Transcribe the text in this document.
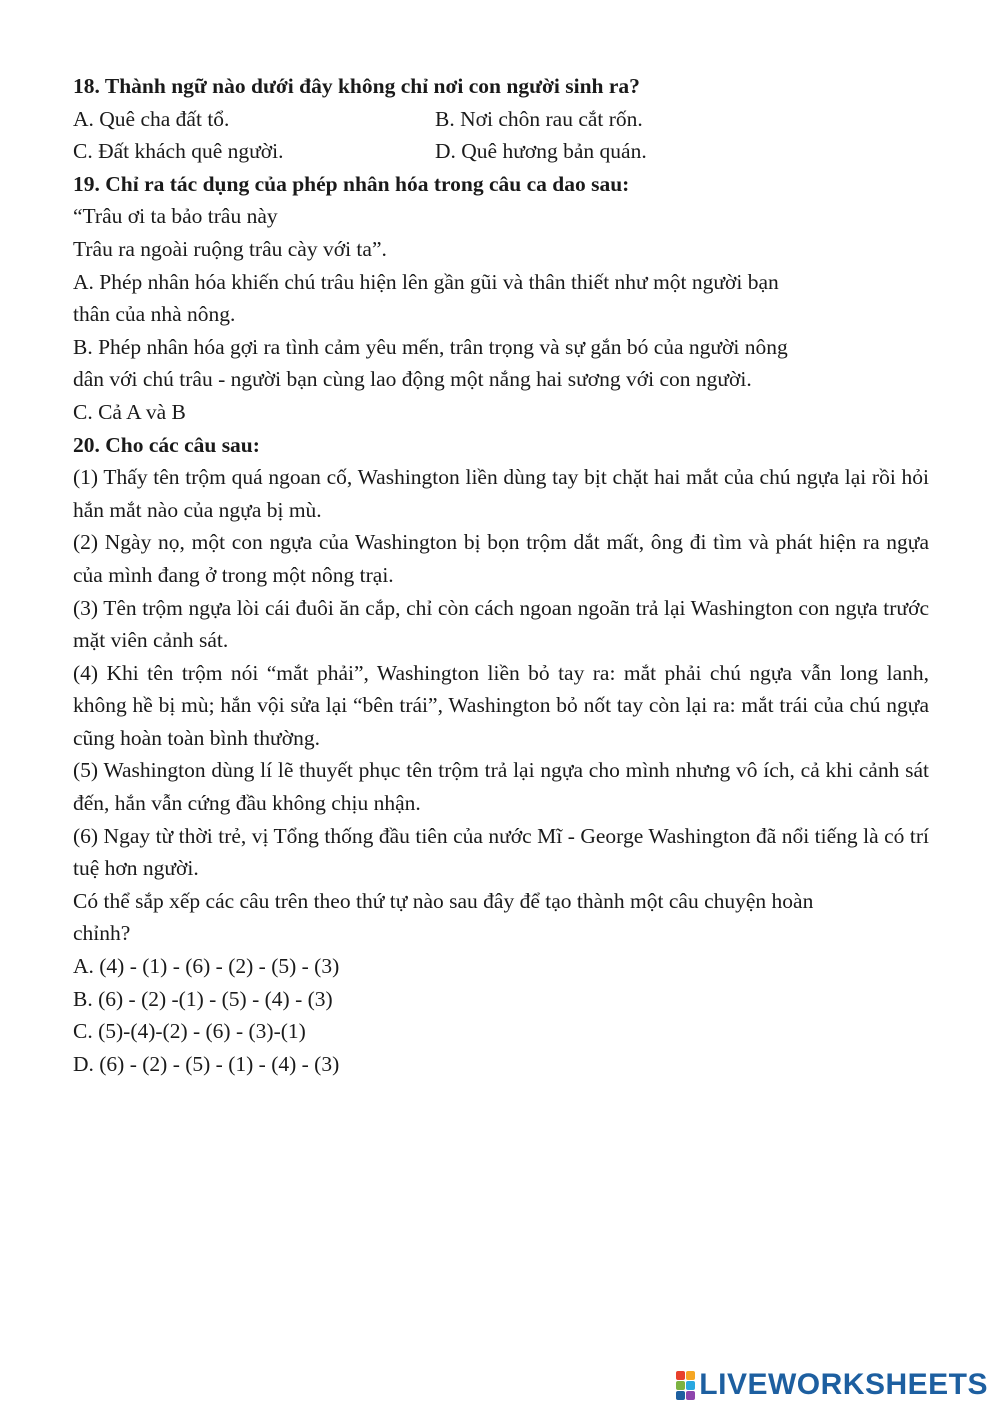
18. Thành ngữ nào dưới đây không chỉ nơi con người sinh ra?

A. Quê cha đất tổ.	B. Nơi chôn rau cắt rốn.

C. Đất khách quê người.	D. Quê hương bản quán.

19. Chỉ ra tác dụng của phép nhân hóa trong câu ca dao sau:

“Trâu ơi ta bảo trâu này

Trâu ra ngoài ruộng trâu cày với ta”.

A. Phép nhân hóa khiến chú trâu hiện lên gần gũi và thân thiết như một người bạn

thân của nhà nông.

B. Phép nhân hóa gợi ra tình cảm yêu mến, trân trọng và sự gắn bó của người nông

dân với chú trâu - người bạn cùng lao động một nắng hai sương với con người.

C. Cả A và B

20. Cho các câu sau:

(1) Thấy tên trộm quá ngoan cố, Washington liền dùng tay bịt chặt hai mắt của chú ngựa lại rồi hỏi hắn mắt nào của ngựa bị mù.

(2) Ngày nọ, một con ngựa của Washington bị bọn trộm dắt mất, ông đi tìm và phát hiện ra ngựa của mình đang ở trong một nông trại.

(3) Tên trộm ngựa lòi cái đuôi ăn cắp, chỉ còn cách ngoan ngoãn trả lại Washington con ngựa trước mặt viên cảnh sát.

(4) Khi tên trộm nói “mắt phải”, Washington liền bỏ tay ra: mắt phải chú ngựa vẫn long lanh, không hề bị mù; hắn vội sửa lại “bên trái”, Washington bỏ nốt tay còn lại ra: mắt trái của chú ngựa cũng hoàn toàn bình thường.

(5) Washington dùng lí lẽ thuyết phục tên trộm trả lại ngựa cho mình nhưng vô ích, cả khi cảnh sát đến, hắn vẫn cứng đầu không chịu nhận.

(6) Ngay từ thời trẻ, vị Tổng thống đầu tiên của nước Mĩ - George Washington đã nổi tiếng là có trí tuệ hơn người.

Có thể sắp xếp các câu trên theo thứ tự nào sau đây để tạo thành một câu chuyện hoàn

chỉnh?

A. (4) - (1) - (6) - (2) - (5) - (3)

B. (6) - (2) -(1) - (5) - (4) - (3)

C. (5)-(4)-(2) - (6) - (3)-(1)

D. (6) - (2) - (5) - (1) - (4) - (3)

LIVEWORKSHEETS
